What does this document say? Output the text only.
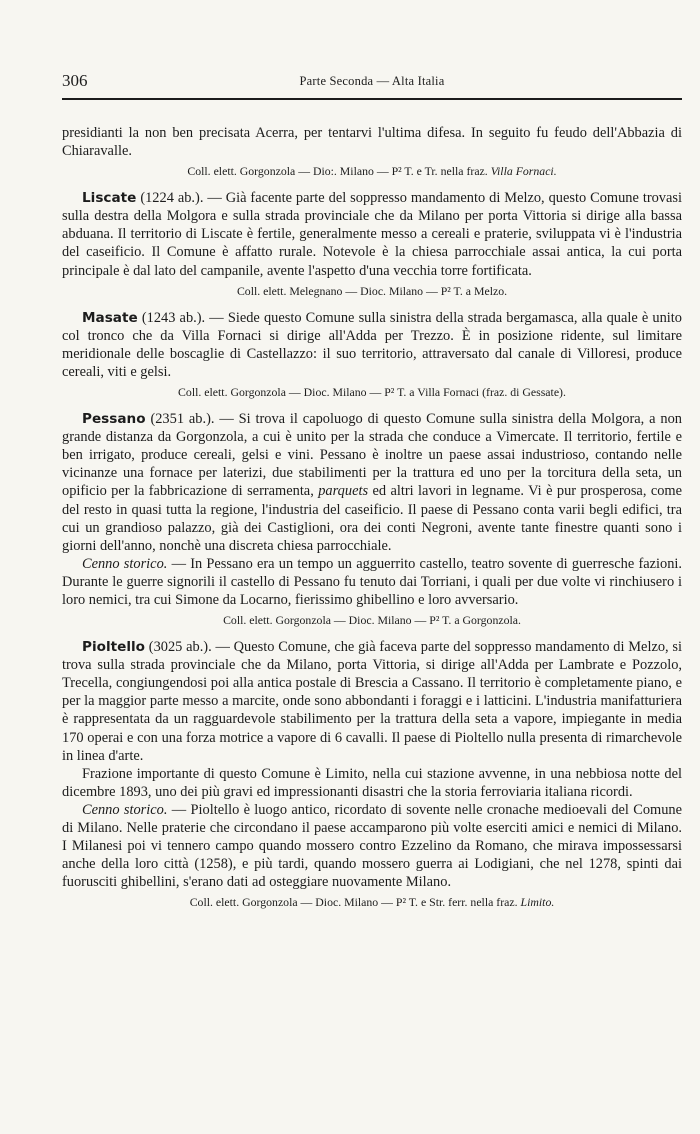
306	Parte Seconda — Alta Italia

presidianti la non ben precisata Acerra, per tentarvi l'ultima difesa. In seguito fu feudo dell'Abbazia di Chiaravalle.

Coll. elett. Gorgonzola — Dio:. Milano — P² T. e Tr. nella fraz. Villa Fornaci.

Liscate (1224 ab.). — Già facente parte del soppresso mandamento di Melzo, questo Comune trovasi sulla destra della Molgora e sulla strada provinciale che da Milano per porta Vittoria si dirige alla bassa abduana. Il territorio di Liscate è fertile, generalmente messo a cereali e praterie, sviluppata vi è l'industria del caseificio. Il Comune è affatto rurale. Notevole è la chiesa parrocchiale assai antica, la cui porta principale è dal lato del campanile, avente l'aspetto d'una vecchia torre fortificata.

Coll. elett. Melegnano — Dioc. Milano — P² T. a Melzo.

Masate (1243 ab.). — Siede questo Comune sulla sinistra della strada bergamasca, alla quale è unito col tronco che da Villa Fornaci si dirige all'Adda per Trezzo. È in posizione ridente, sul limitare meridionale delle boscaglie di Castellazzo: il suo territorio, attraversato dal canale di Villoresi, produce cereali, viti e gelsi.

Coll. elett. Gorgonzola — Dioc. Milano — P² T. a Villa Fornaci (fraz. di Gessate).

Pessano (2351 ab.). — Si trova il capoluogo di questo Comune sulla sinistra della Molgora, a non grande distanza da Gorgonzola, a cui è unito per la strada che conduce a Vimercate. Il territorio, fertile e ben irrigato, produce cereali, gelsi e vini. Pessano è inoltre un paese assai industrioso, contando nelle vicinanze una fornace per laterizi, due stabilimenti per la trattura ed uno per la torcitura della seta, un opificio per la fabbricazione di serramenta, parquets ed altri lavori in legname. Vi è pur prosperosa, come del resto in quasi tutta la regione, l'industria del caseificio. Il paese di Pessano conta varii begli edifici, tra cui un grandioso palazzo, già dei Castiglioni, ora dei conti Negroni, avente tante finestre quanti sono i giorni dell'anno, nonchè una discreta chiesa parrocchiale.

Cenno storico. — In Pessano era un tempo un agguerrito castello, teatro sovente di guerresche fazioni. Durante le guerre signorili il castello di Pessano fu tenuto dai Torriani, i quali per due volte vi rinchiusero i loro nemici, tra cui Simone da Locarno, fierissimo ghibellino e loro avversario.

Coll. elett. Gorgonzola — Dioc. Milano — P² T. a Gorgonzola.

Pioltello (3025 ab.). — Questo Comune, che già faceva parte del soppresso mandamento di Melzo, si trova sulla strada provinciale che da Milano, porta Vittoria, si dirige all'Adda per Lambrate e Pozzolo, Trecella, congiungendosi poi alla antica postale di Brescia a Cassano. Il territorio è completamente piano, e per la maggior parte messo a marcite, onde sono abbondanti i foraggi e i latticini. L'industria manifatturiera è rappresentata da un ragguardevole stabilimento per la trattura della seta a vapore, impiegante in media 170 operai e con una forza motrice a vapore di 6 cavalli. Il paese di Pioltello nulla presenta di rimarchevole in linea d'arte.

Frazione importante di questo Comune è Limito, nella cui stazione avvenne, in una nebbiosa notte del dicembre 1893, uno dei più gravi ed impressionanti disastri che la storia ferroviaria italiana ricordi.

Cenno storico. — Pioltello è luogo antico, ricordato di sovente nelle cronache medioevali del Comune di Milano. Nelle praterie che circondano il paese accamparono più volte eserciti amici e nemici di Milano. I Milanesi poi vi tennero campo quando mossero contro Ezzelino da Romano, che mirava impossessarsi anche della loro città (1258), e più tardi, quando mossero guerra ai Lodigiani, che nel 1278, spinti dai fuorusciti ghibellini, s'erano dati ad osteggiare nuovamente Milano.

Coll. elett. Gorgonzola — Dioc. Milano — P² T. e Str. ferr. nella fraz. Limito.
